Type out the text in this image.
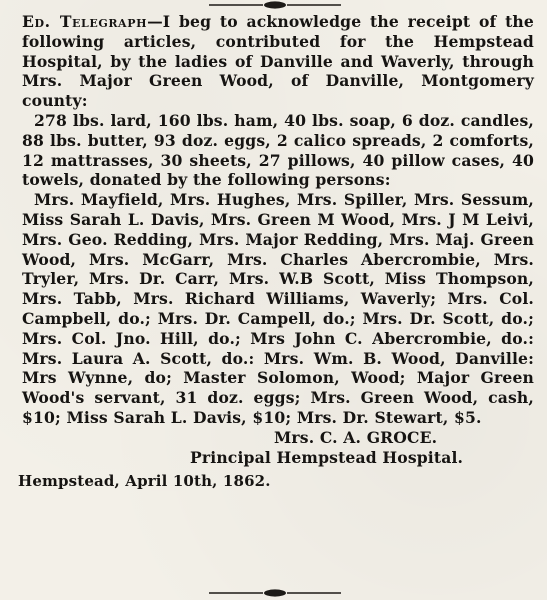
Ed. Telegraph—I beg to acknowledge the receipt of the following articles, contributed for the Hempstead Hospital, by the ladies of Danville and Waverly, through Mrs. Major Green Wood, of Danville, Montgomery county:

278 lbs. lard, 160 lbs. ham, 40 lbs. soap, 6 doz. candles, 88 lbs. butter, 93 doz. eggs, 2 calico spreads, 2 comforts, 12 mattrasses, 30 sheets, 27 pillows, 40 pillow cases, 40 towels, donated by the following persons:

Mrs. Mayfield, Mrs. Hughes, Mrs. Spiller, Mrs. Sessum, Miss Sarah L. Davis, Mrs. Green M Wood, Mrs. J M Leivi, Mrs. Geo. Redding, Mrs. Major Redding, Mrs. Maj. Green Wood, Mrs. McGarr, Mrs. Charles Abercrombie, Mrs. Tryler, Mrs. Dr. Carr, Mrs. W.B Scott, Miss Thompson, Mrs. Tabb, Mrs. Richard Williams, Waverly; Mrs. Col. Campbell, do.; Mrs. Dr. Campell, do.; Mrs. Dr. Scott, do.; Mrs. Col. Jno. Hill, do.; Mrs John C. Abercrombie, do.: Mrs. Laura A. Scott, do.: Mrs. Wm. B. Wood, Danville: Mrs Wynne, do; Master Solomon, Wood; Major Green Wood's servant, 31 doz. eggs; Mrs. Green Wood, cash, $10; Miss Sarah L. Davis, $10; Mrs. Dr. Stewart, $5.

Mrs. C. A. GROCE.

Principal Hempstead Hospital.

Hempstead, April 10th, 1862.
